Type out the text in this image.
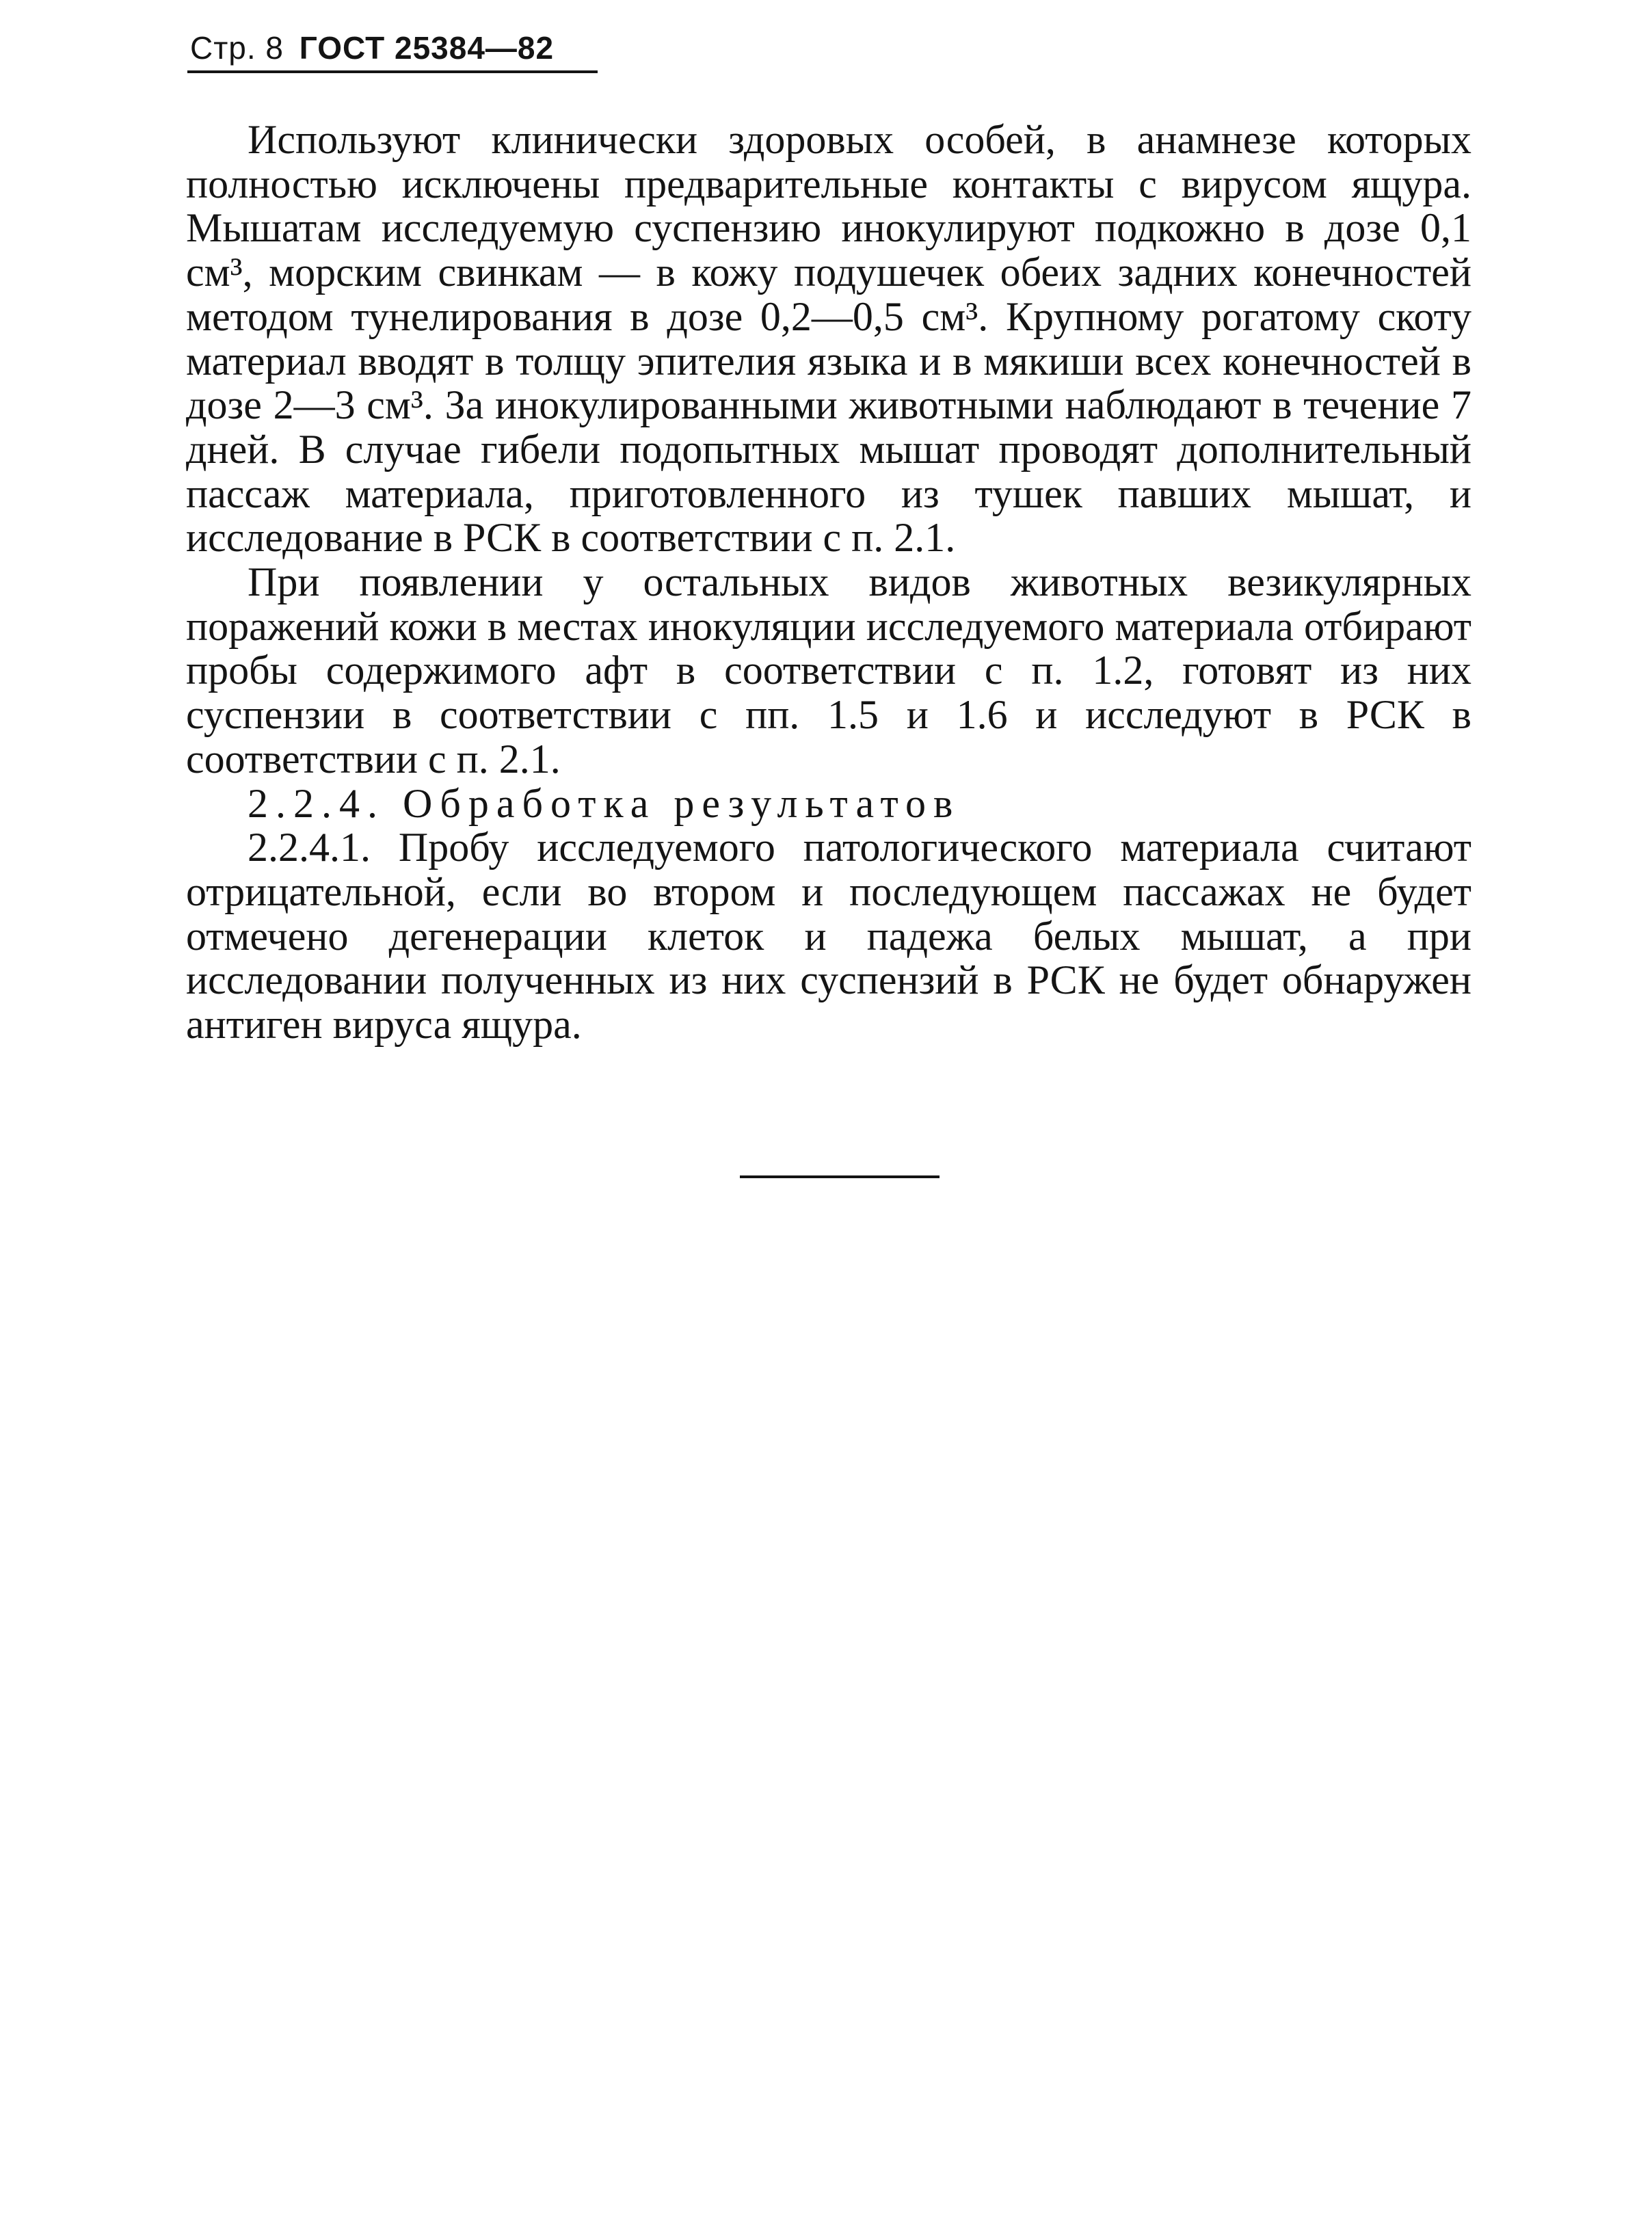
Стр. 8 ГОСТ 25384—82

Используют клинически здоровых особей, в анамнезе которых полностью исключены предварительные контакты с вирусом ящура. Мышатам исследуемую суспензию инокулируют подкожно в дозе 0,1 см³, морским свинкам — в кожу подушечек обеих задних конечностей методом тунелирования в дозе 0,2—0,5 см³. Крупному рогатому скоту материал вводят в толщу эпителия языка и в мякиши всех конечностей в дозе 2—3 см³. За инокулированными животными наблюдают в течение 7 дней. В случае гибели подопытных мышат проводят дополнительный пассаж материала, приготовленного из тушек павших мышат, и исследование в РСК в соответствии с п. 2.1.

При появлении у остальных видов животных везикулярных поражений кожи в местах инокуляции исследуемого материала отбирают пробы содержимого афт в соответствии с п. 1.2, готовят из них суспензии в соответствии с пп. 1.5 и 1.6 и исследуют в РСК в соответствии с п. 2.1.

2.2.4. Обработка результатов

2.2.4.1. Пробу исследуемого патологического материала считают отрицательной, если во втором и последующем пассажах не будет отмечено дегенерации клеток и падежа белых мышат, а при исследовании полученных из них суспензий в РСК не будет обнаружен антиген вируса ящура.
